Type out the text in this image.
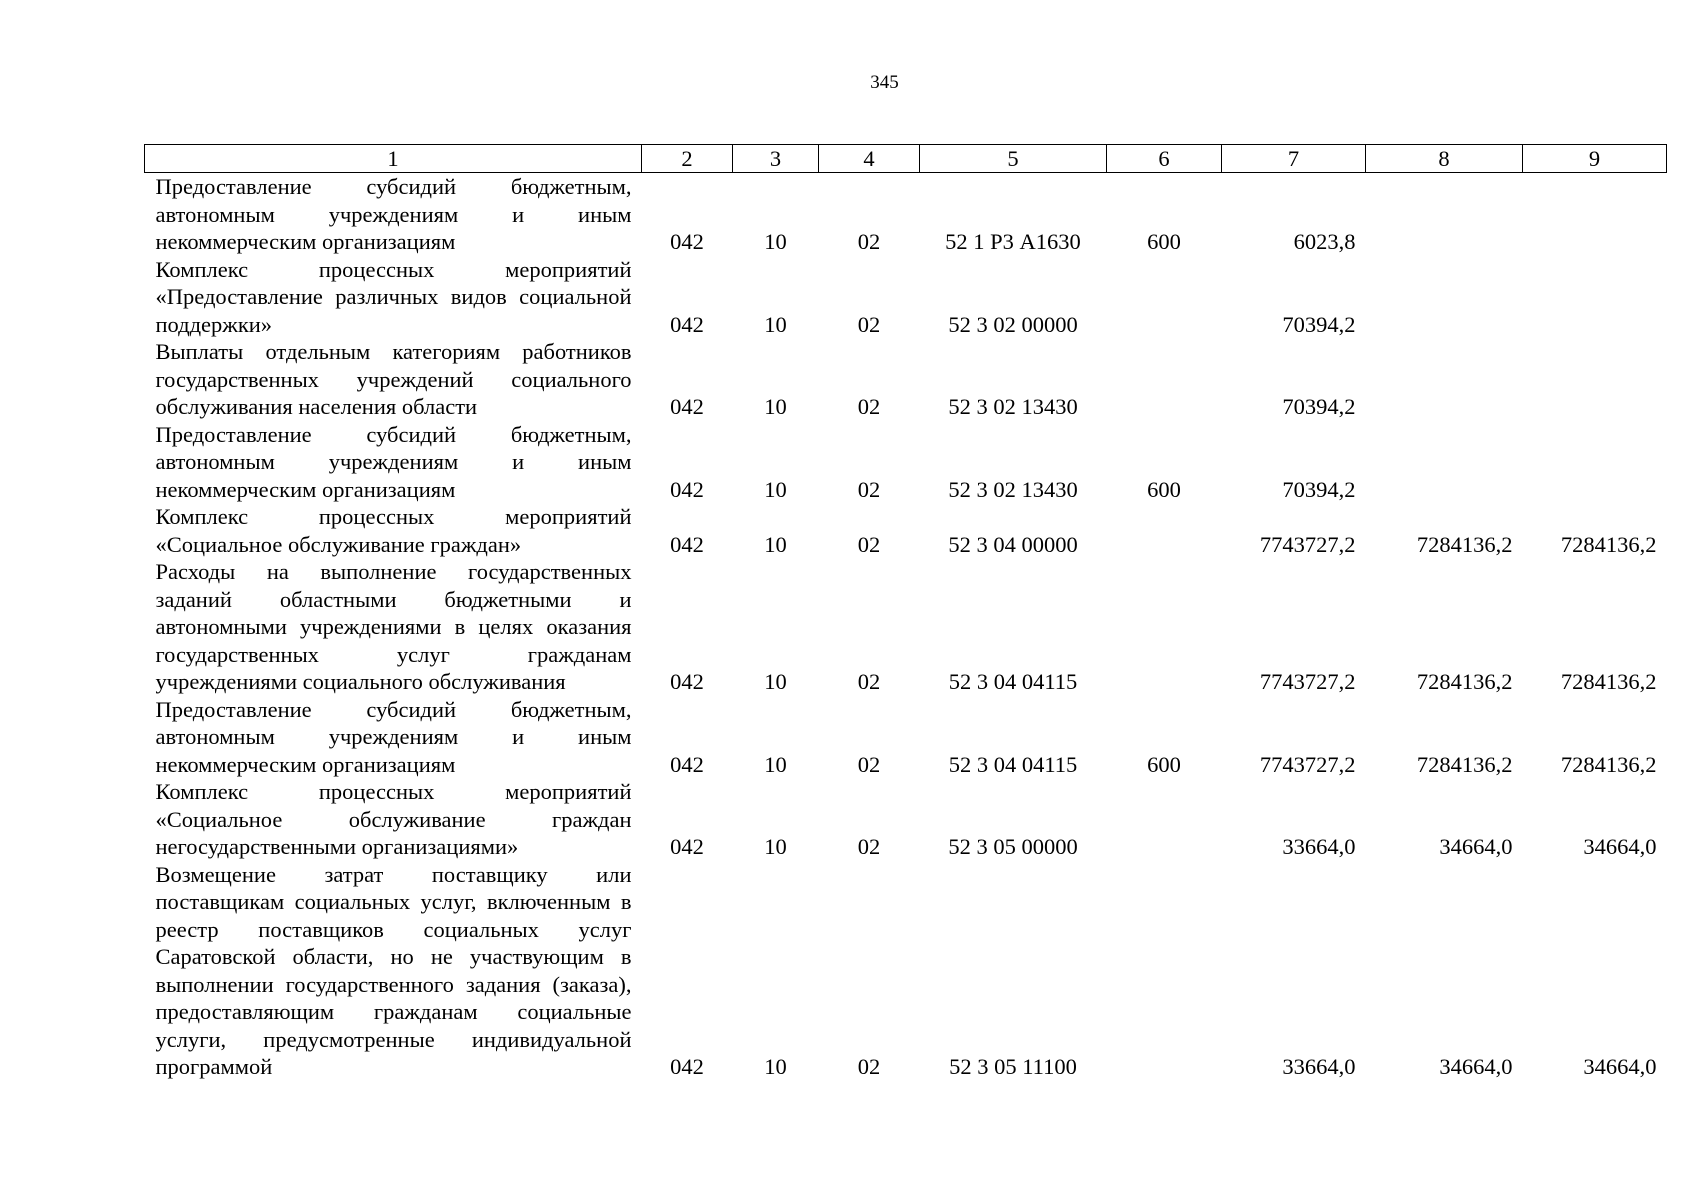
345
1	2	3	4	5	6	7	8	9
Предоставление субсидий бюджетным, автономным учреждениям и иным некоммерческим организациям	042	10	02	52 1 Р3 А1630	600	6023,8		
Комплекс процессных мероприятий «Предоставление различных видов социальной поддержки»	042	10	02	52 3 02 00000		70394,2		
Выплаты отдельным категориям работников государственных учреждений социального обслуживания населения области	042	10	02	52 3 02 13430		70394,2		
Предоставление субсидий бюджетным, автономным учреждениям и иным некоммерческим организациям	042	10	02	52 3 02 13430	600	70394,2		
Комплекс процессных мероприятий «Социальное обслуживание граждан»	042	10	02	52 3 04 00000		7743727,2	7284136,2	7284136,2
Расходы на выполнение государственных заданий областными бюджетными и автономными учреждениями в целях оказания государственных услуг гражданам учреждениями социального обслуживания	042	10	02	52 3 04 04115		7743727,2	7284136,2	7284136,2
Предоставление субсидий бюджетным, автономным учреждениям и иным некоммерческим организациям	042	10	02	52 3 04 04115	600	7743727,2	7284136,2	7284136,2
Комплекс процессных мероприятий «Социальное обслуживание граждан негосударственными организациями»	042	10	02	52 3 05 00000		33664,0	34664,0	34664,0
Возмещение затрат поставщику или поставщикам социальных услуг, включенным в реестр поставщиков социальных услуг Саратовской области, но не участвующим в выполнении государственного задания (заказа), предоставляющим гражданам социальные услуги, предусмотренные индивидуальной программой	042	10	02	52 3 05 11100		33664,0	34664,0	34664,0
